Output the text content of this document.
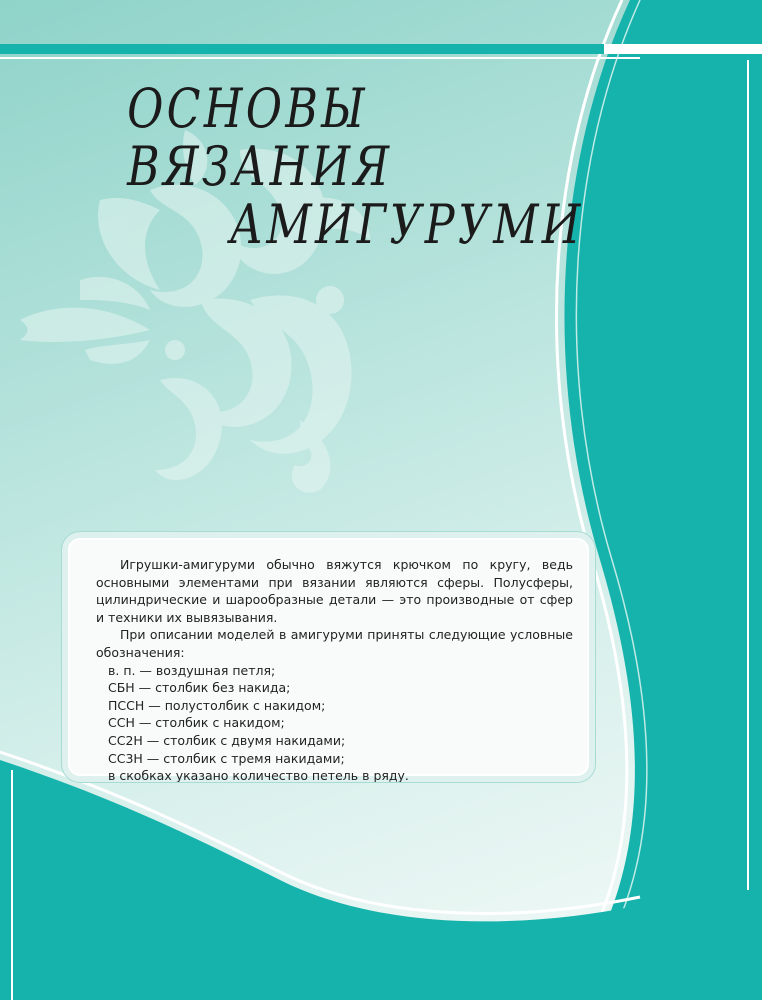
ОСНОВЫ ВЯЗАНИЯ
АМИГУРУМИ

Игрушки-амигуруми обычно вяжутся крючком по кругу, ведь основными элементами при вязании являются сферы. Полусферы, цилиндрические и шарообразные детали — это производные от сфер и техники их вывязывания.

При описании моделей в амигуруми приняты следующие условные обозначения:

в. п. — воздушная петля;
СБН — столбик без накида;
ПССН — полустолбик с накидом;
ССН — столбик с накидом;
СС2Н — столбик с двумя накидами;
СС3Н — столбик с тремя накидами;
в скобках указано количество петель в ряду.
